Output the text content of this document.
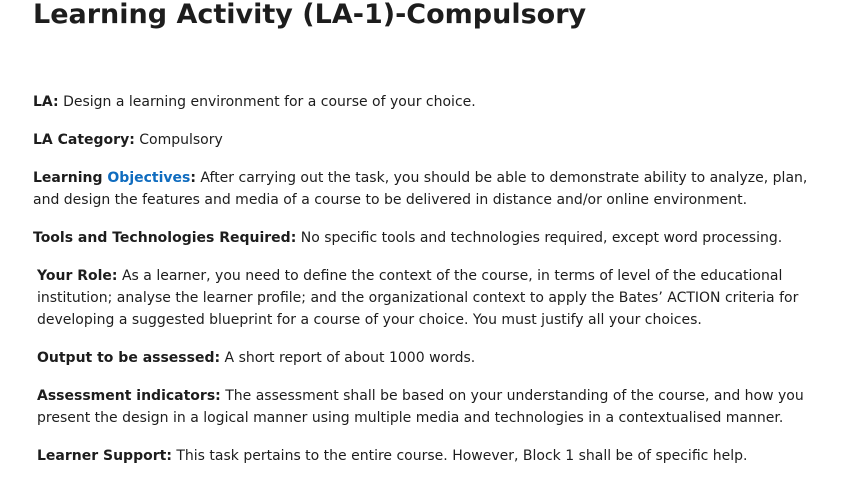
Learning Activity (LA-1)-Compulsory

LA: Design a learning environment for a course of your choice.

LA Category: Compulsory

Learning Objectives: After carrying out the task, you should be able to demonstrate ability to analyze, plan, and design the features and media of a course to be delivered in distance and/or online environment.

Tools and Technologies Required: No specific tools and technologies required, except word processing.

Your Role: As a learner, you need to define the context of the course, in terms of level of the educational institution; analyse the learner profile; and the organizational context to apply the Bates’ ACTION criteria for developing a suggested blueprint for a course of your choice. You must justify all your choices.

Output to be assessed: A short report of about 1000 words.

Assessment indicators: The assessment shall be based on your understanding of the course, and how you present the design in a logical manner using multiple media and technologies in a contextualised manner.

Learner Support: This task pertains to the entire course. However, Block 1 shall be of specific help.
